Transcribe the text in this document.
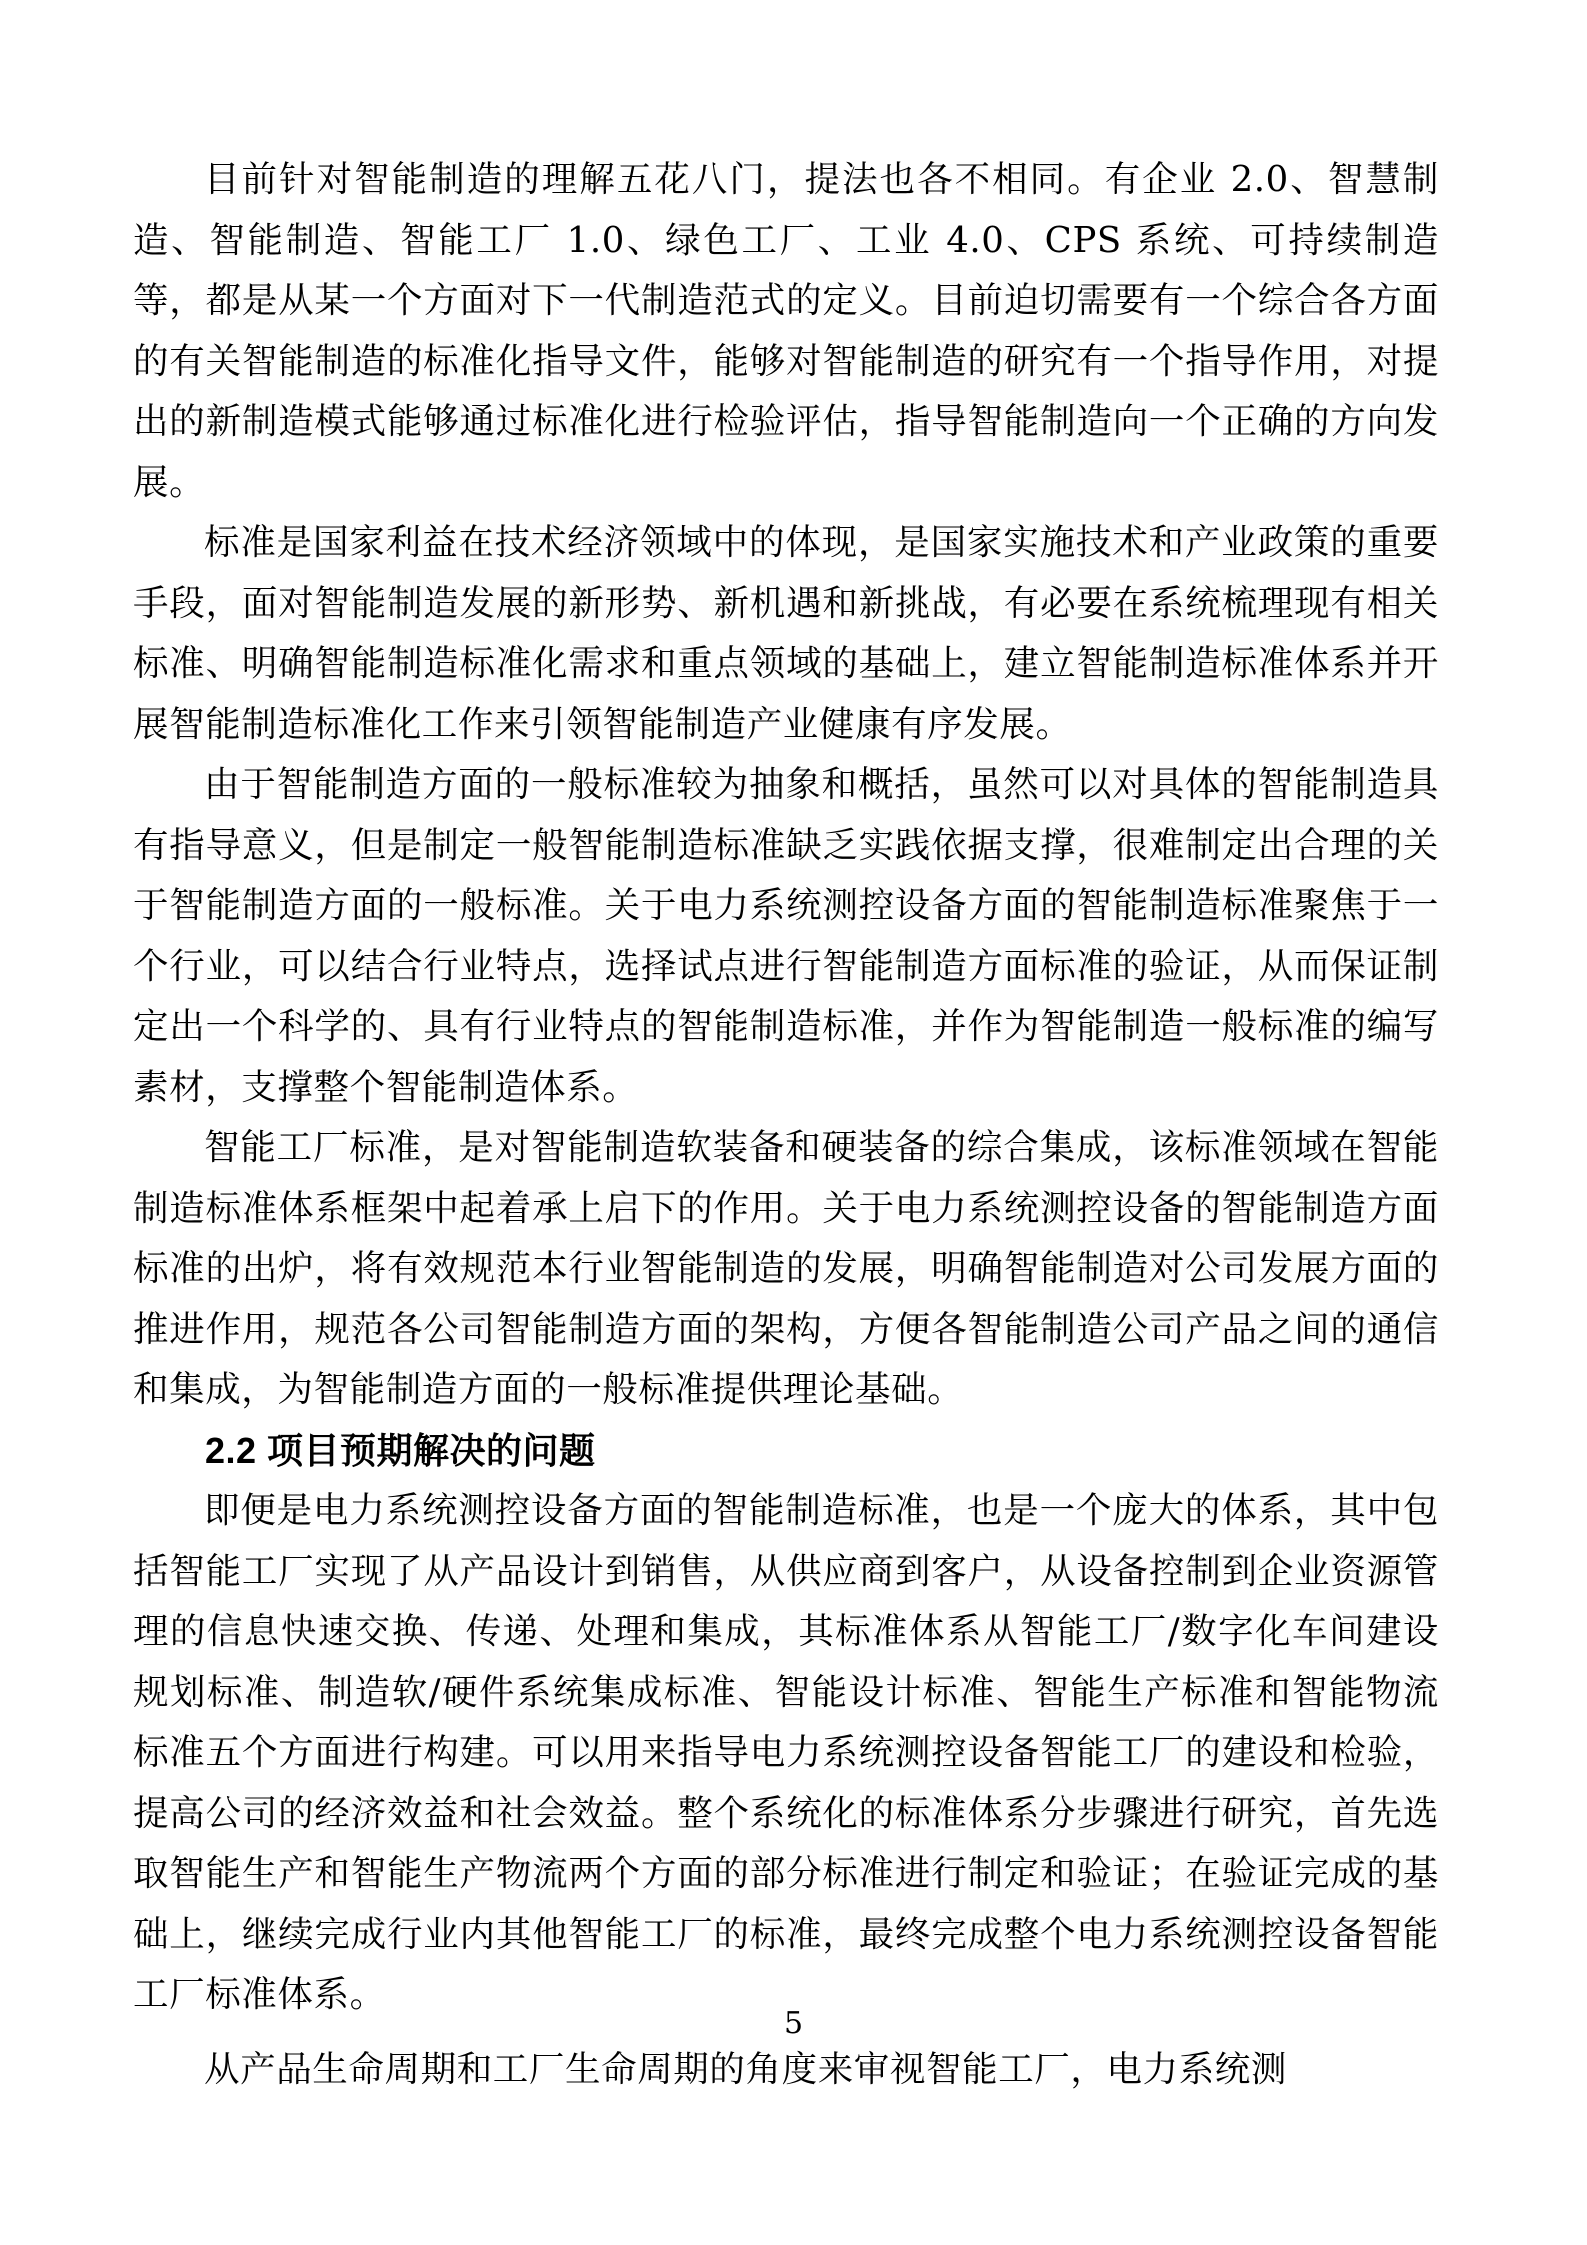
目前针对智能制造的理解五花八门，提法也各不相同。有企业 2.0、智慧制造、智能制造、智能工厂 1.0、绿色工厂、工业 4.0、CPS 系统、可持续制造等，都是从某一个方面对下一代制造范式的定义。目前迫切需要有一个综合各方面的有关智能制造的标准化指导文件，能够对智能制造的研究有一个指导作用，对提出的新制造模式能够通过标准化进行检验评估，指导智能制造向一个正确的方向发展。

标准是国家利益在技术经济领域中的体现，是国家实施技术和产业政策的重要手段，面对智能制造发展的新形势、新机遇和新挑战，有必要在系统梳理现有相关标准、明确智能制造标准化需求和重点领域的基础上，建立智能制造标准体系并开展智能制造标准化工作来引领智能制造产业健康有序发展。

由于智能制造方面的一般标准较为抽象和概括，虽然可以对具体的智能制造具有指导意义，但是制定一般智能制造标准缺乏实践依据支撑，很难制定出合理的关于智能制造方面的一般标准。关于电力系统测控设备方面的智能制造标准聚焦于一个行业，可以结合行业特点，选择试点进行智能制造方面标准的验证，从而保证制定出一个科学的、具有行业特点的智能制造标准，并作为智能制造一般标准的编写素材，支撑整个智能制造体系。

智能工厂标准，是对智能制造软装备和硬装备的综合集成，该标准领域在智能制造标准体系框架中起着承上启下的作用。关于电力系统测控设备的智能制造方面标准的出炉，将有效规范本行业智能制造的发展，明确智能制造对公司发展方面的推进作用，规范各公司智能制造方面的架构，方便各智能制造公司产品之间的通信和集成，为智能制造方面的一般标准提供理论基础。

2.2 项目预期解决的问题

即便是电力系统测控设备方面的智能制造标准，也是一个庞大的体系，其中包括智能工厂实现了从产品设计到销售，从供应商到客户，从设备控制到企业资源管理的信息快速交换、传递、处理和集成，其标准体系从智能工厂/数字化车间建设规划标准、制造软/硬件系统集成标准、智能设计标准、智能生产标准和智能物流标准五个方面进行构建。可以用来指导电力系统测控设备智能工厂的建设和检验，提高公司的经济效益和社会效益。整个系统化的标准体系分步骤进行研究，首先选取智能生产和智能生产物流两个方面的部分标准进行制定和验证；在验证完成的基础上，继续完成行业内其他智能工厂的标准，最终完成整个电力系统测控设备智能工厂标准体系。

从产品生命周期和工厂生命周期的角度来审视智能工厂，电力系统测

5
